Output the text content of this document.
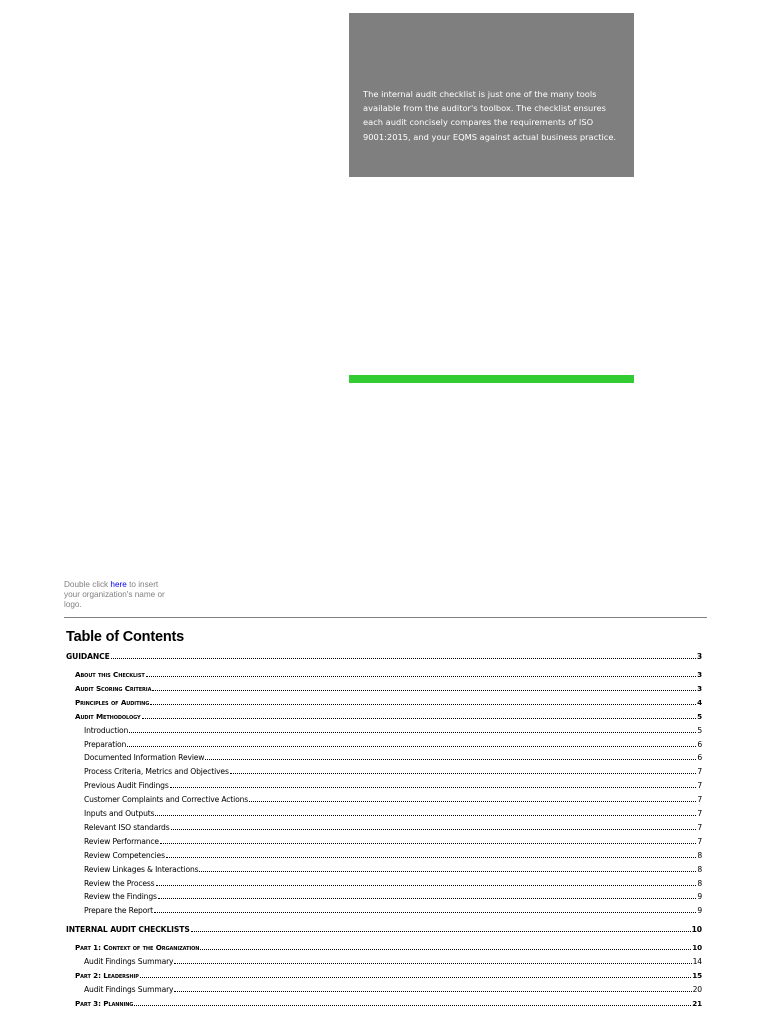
The internal audit checklist is just one of the many tools available from the auditor's toolbox. The checklist ensures each audit concisely compares the requirements of ISO 9001:2015, and your EQMS against actual business practice.

Double click here to insert your organization's name or logo.
Table of Contents
GUIDANCE	3
About this Checklist	3
Audit Scoring Criteria	3
Principles of Auditing	4
Audit Methodology	5
Introduction	5
Preparation	6
Documented Information Review	6
Process Criteria, Metrics and Objectives	7
Previous Audit Findings	7
Customer Complaints and Corrective Actions	7
Inputs and Outputs	7
Relevant ISO standards	7
Review Performance	7
Review Competencies	8
Review Linkages & Interactions	8
Review the Process	8
Review the Findings	9
Prepare the Report	9
INTERNAL AUDIT CHECKLISTS	10
Part 1: Context of the Organization	10
Audit Findings Summary	14
Part 2: Leadership	15
Audit Findings Summary	20
Part 3: Planning	21
